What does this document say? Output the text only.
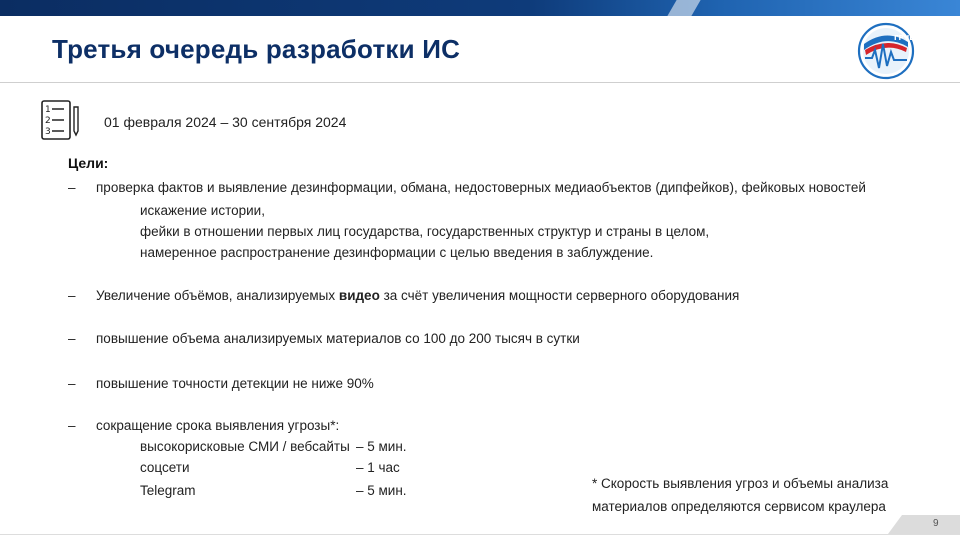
Третья очередь разработки ИС	ГРЧЦ
1
2
3
01 февраля 2024 – 30 сентября 2024
Цели:
– проверка фактов и выявление дезинформации, обмана, недостоверных медиаобъектов (дипфейков), фейковых новостей
искажение истории,
фейки в отношении первых лиц государства, государственных структур и страны в целом,
намеренное распространение дезинформации с целью введения в заблуждение.
– Увеличение объёмов, анализируемых видео за счёт увеличения мощности серверного оборудования
– повышение объема анализируемых материалов со 100 до 200 тысяч в сутки
– повышение точности детекции не ниже 90%
– сокращение срока выявления угрозы*:
высокорисковые СМИ / вебсайты – 5 мин.
соцсети	– 1 час
Telegram	– 5 мин.	* Скорость выявления угроз и объемы анализа
материалов определяются сервисом краулера
9
